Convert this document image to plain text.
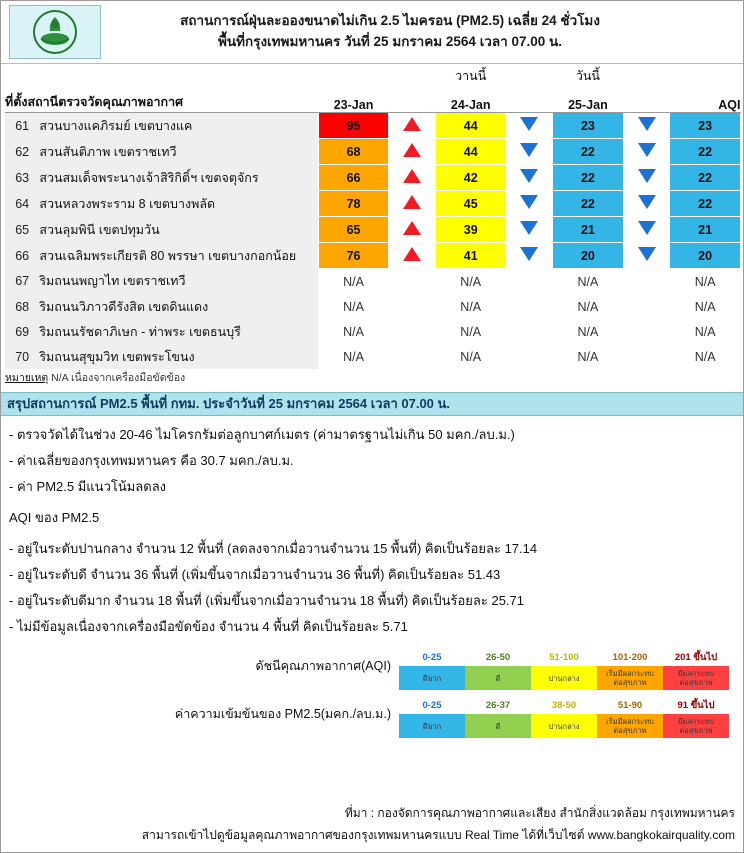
สถานการณ์ฝุ่นละอองขนาดไม่เกิน 2.5 ไมครอน (PM2.5) เฉลี่ย 24 ชั่วโมง
พื้นที่กรุงเทพมหานคร วันที่ 25 มกราคม 2564 เวลา 07.00 น.
				วานนี้		วันนี้		
ที่ตั้งสถานีตรวจวัดคุณภาพอากาศ		23-Jan		24-Jan		25-Jan		AQI
61	สวนบางแคภิรมย์ เขตบางแค	95		44		23		23
62	สวนสันติภาพ เขตราชเทวี	68		44		22		22
63	สวนสมเด็จพระนางเจ้าสิริกิติ์ฯ เขตจตุจักร	66		42		22		22
64	สวนหลวงพระราม 8 เขตบางพลัด	78		45		22		22
65	สวนลุมพินี เขตปทุมวัน	65		39		21		21
66	สวนเฉลิมพระเกียรติ 80 พรรษา เขตบางกอกน้อย	76		41		20		20
67	ริมถนนพญาไท เขตราชเทวี	N/A		N/A		N/A		N/A
68	ริมถนนวิภาวดีรังสิต เขตดินแดง	N/A		N/A		N/A		N/A
69	ริมถนนรัชดาภิเษก - ท่าพระ เขตธนบุรี	N/A		N/A		N/A		N/A
70	ริมถนนสุขุมวิท เขตพระโขนง	N/A		N/A		N/A		N/A
หมายเหตุ N/A เนื่องจากเครื่องมือขัดข้อง								
สรุปสถานการณ์ PM2.5 พื้นที่ กทม. ประจำวันที่ 25 มกราคม 2564 เวลา 07.00 น.
- ตรวจวัดได้ในช่วง 20-46 ไมโครกรัมต่อลูกบาศก์เมตร (ค่ามาตรฐานไม่เกิน 50 มคก./ลบ.ม.)
- ค่าเฉลี่ยของกรุงเทพมหานคร คือ 30.7 มคก./ลบ.ม.
- ค่า PM2.5 มีแนวโน้มลดลง
AQI ของ PM2.5
- อยู่ในระดับปานกลาง จำนวน 12 พื้นที่ (ลดลงจากเมื่อวานจำนวน 15 พื้นที่) คิดเป็นร้อยละ 17.14
- อยู่ในระดับดี จำนวน 36 พื้นที่ (เพิ่มขึ้นจากเมื่อวานจำนวน 36 พื้นที่) คิดเป็นร้อยละ 51.43
- อยู่ในระดับดีมาก จำนวน 18 พื้นที่ (เพิ่มขึ้นจากเมื่อวานจำนวน 18 พื้นที่) คิดเป็นร้อยละ 25.71
- ไม่มีข้อมูลเนื่องจากเครื่องมือขัดข้อง จำนวน 4 พื้นที่ คิดเป็นร้อยละ 5.71
ดัชนีคุณภาพอากาศ(AQI)
0-25
ดีมาก
26-50
ดี
51-100
ปานกลาง
101-200
เริ่มมีผลกระทบ
ต่อสุขภาพ
201 ขึ้นไป
มีผลกระทบ
ต่อสุขภาพ
ค่าความเข้มข้นของ PM2.5(มคก./ลบ.ม.)
0-25
ดีมาก
26-37
ดี
38-50
ปานกลาง
51-90
เริ่มมีผลกระทบ
ต่อสุขภาพ
91 ขึ้นไป
มีผลกระทบ
ต่อสุขภาพ
ที่มา : กองจัดการคุณภาพอากาศและเสียง สำนักสิ่งแวดล้อม กรุงเทพมหานคร
สามารถเข้าไปดูข้อมูลคุณภาพอากาศของกรุงเทพมหานครแบบ Real Time ได้ที่เว็บไซต์ www.bangkokairquality.com
